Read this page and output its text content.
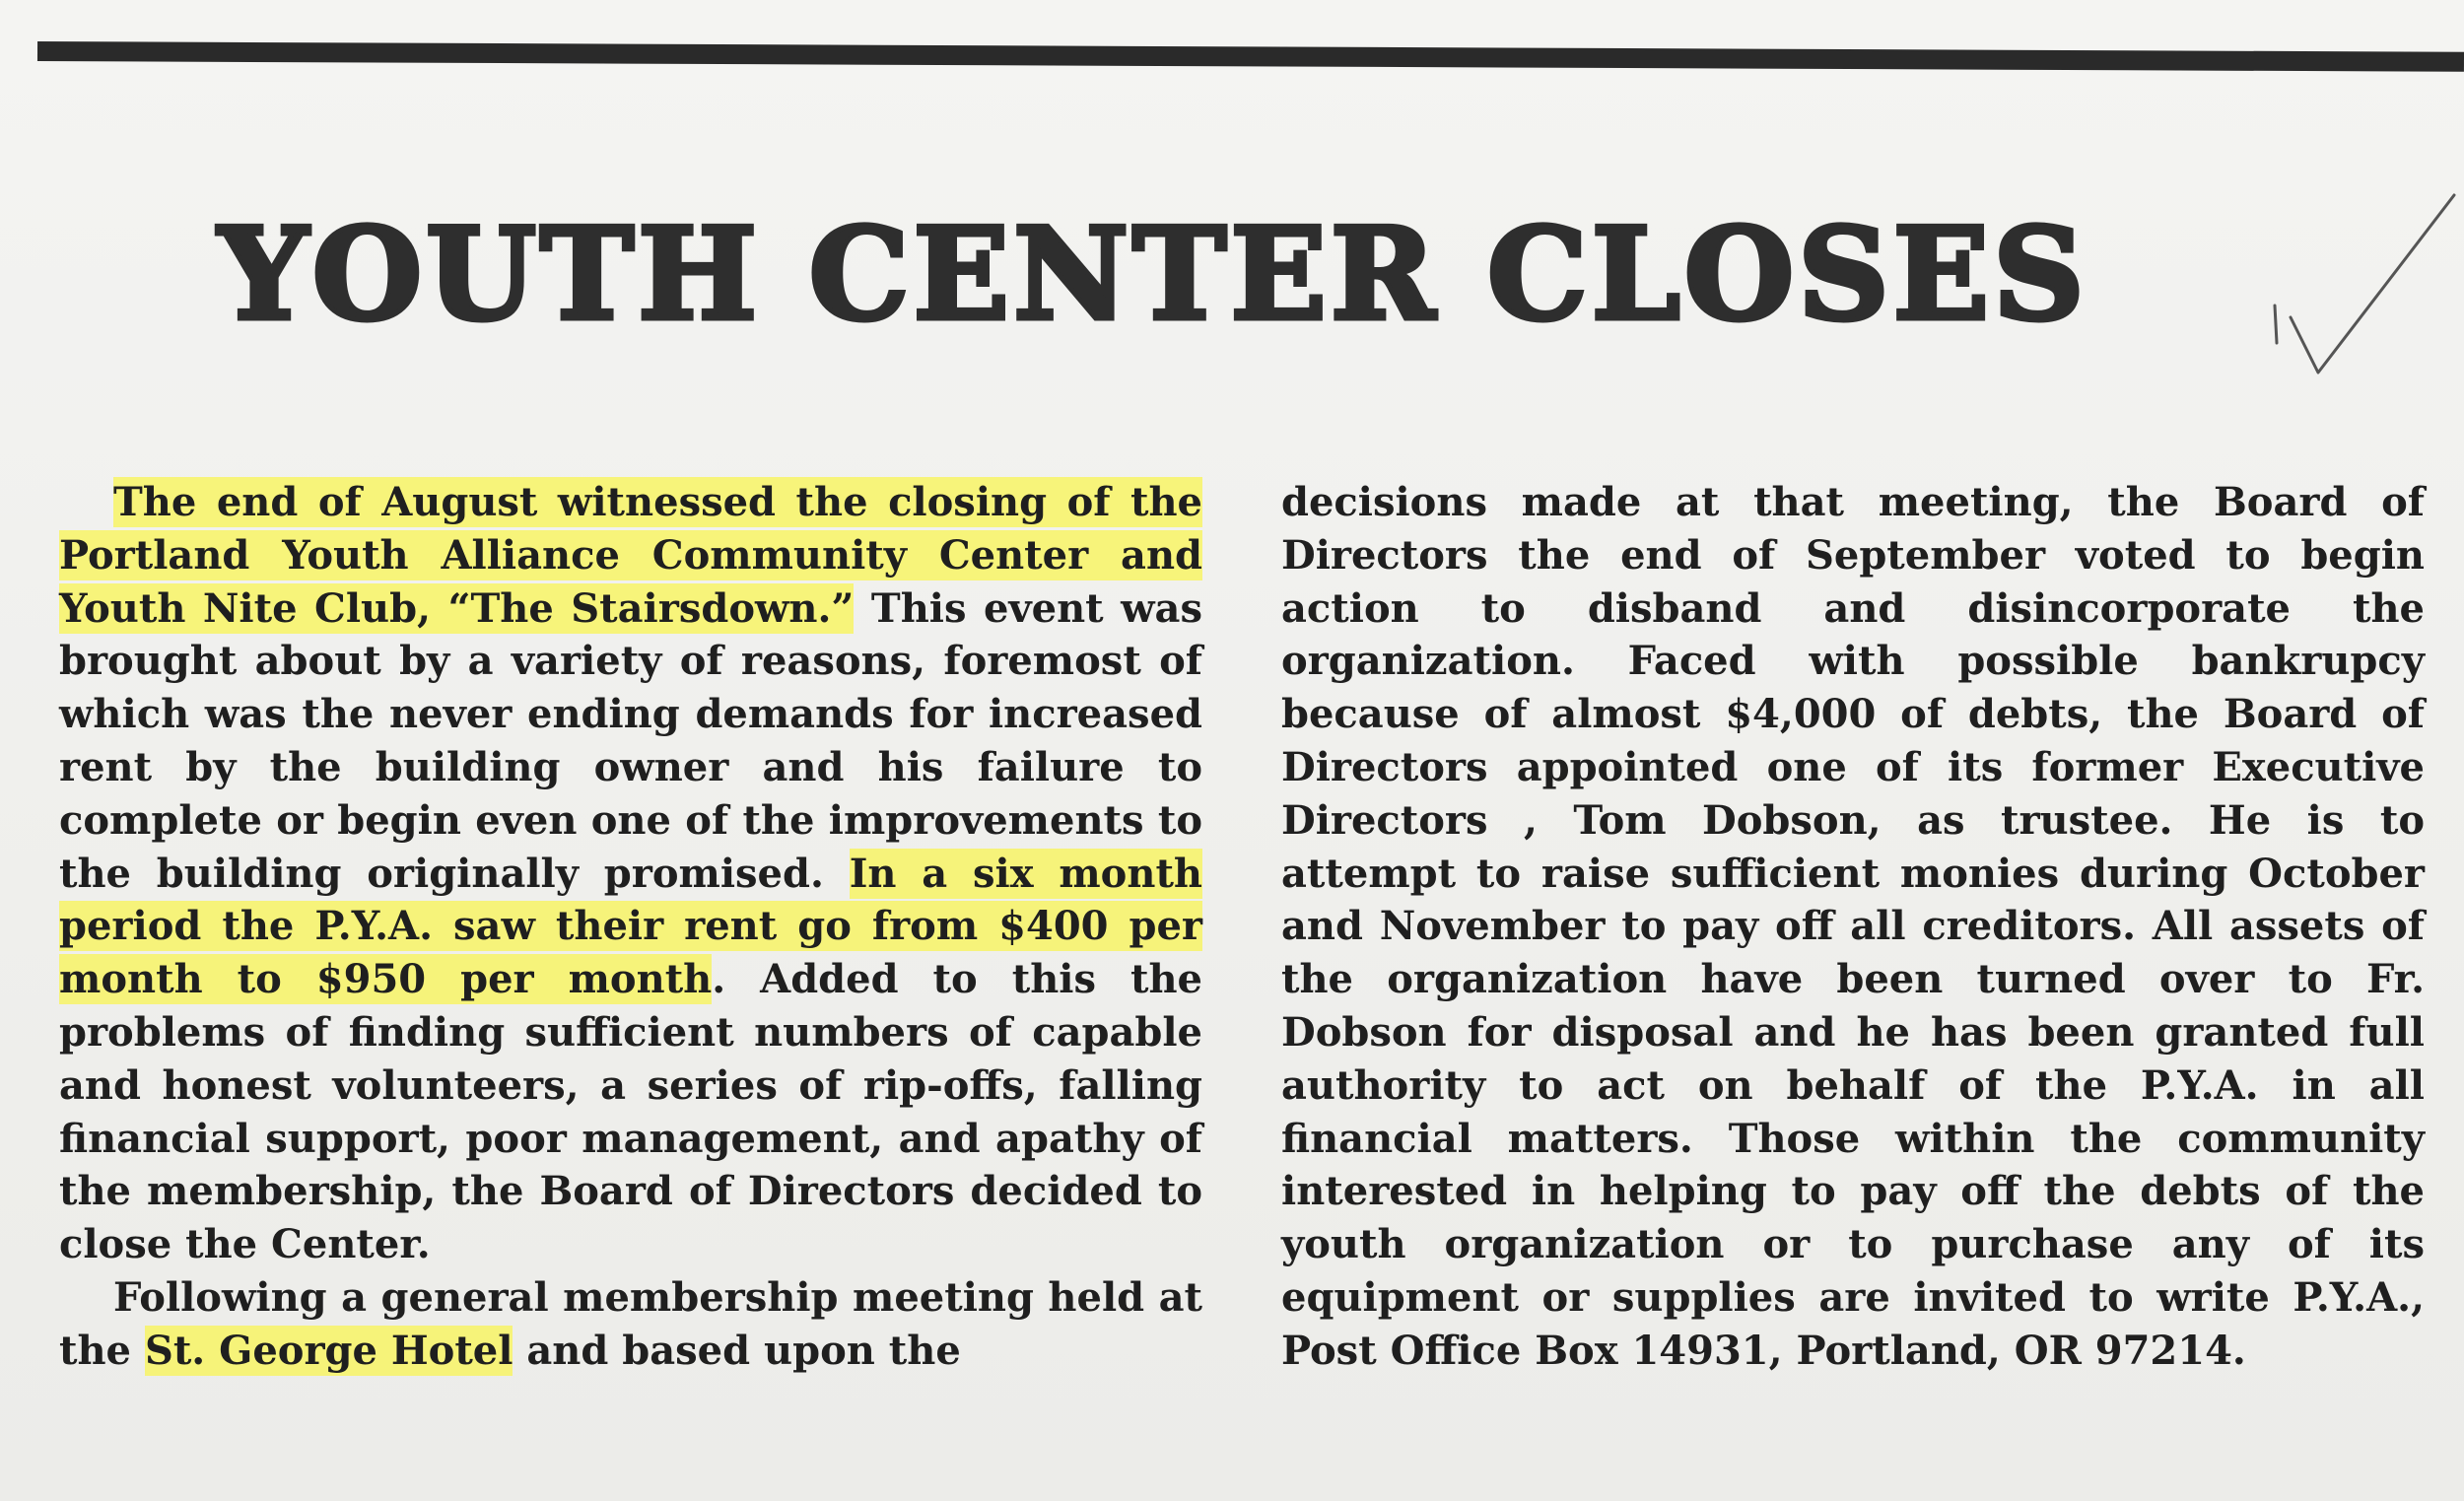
YOUTH CENTER CLOSES

The end of August witnessed the closing of the Portland Youth Alliance Community Center and Youth Nite Club, “The Stairsdown.” This event was brought about by a variety of reasons, foremost of which was the never ending demands for increased rent by the building owner and his failure to complete or begin even one of the improvements to the building originally promised. In a six month period the P.Y.A. saw their rent go from $400 per month to $950 per month. Added to this the problems of finding sufficient numbers of capable and honest volunteers, a series of rip-offs, falling financial support, poor management, and apathy of the membership, the Board of Directors decided to close the Center.

Following a general membership meeting held at the St. George Hotel and based upon the

decisions made at that meeting, the Board of Directors the end of September voted to begin action to disband and disincorporate the organization. Faced with possible bankrupcy because of almost $4,000 of debts, the Board of Directors appointed one of its former Executive Directors , Tom Dobson, as trustee. He is to attempt to raise sufficient monies during October and November to pay off all creditors. All assets of the organization have been turned over to Fr. Dobson for disposal and he has been granted full authority to act on behalf of the P.Y.A. in all financial matters. Those within the community interested in helping to pay off the debts of the youth organization or to purchase any of its equipment or supplies are invited to write P.Y.A., Post Office Box 14931, Portland, OR 97214.
